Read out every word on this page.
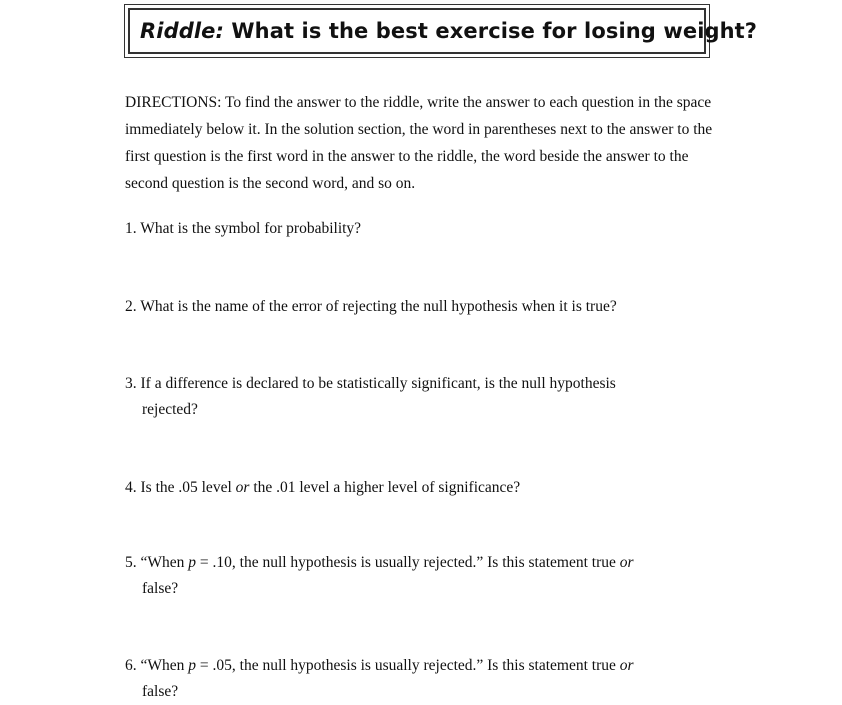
Riddle:
What is the best exercise for losing weight?
DIRECTIONS: To find the answer to the riddle, write the answer to each question in the space immediately below it. In the solution section, the word in parentheses next to the answer to the first question is the first word in the answer to the riddle, the word beside the answer to the second question is the second word, and so on.
1. What is the symbol for probability?
2. What is the name of the error of rejecting the null hypothesis when it is true?
3. If a difference is declared to be statistically significant, is the null hypothesis
rejected?
4. Is the .05 level or the .01 level a higher level of significance?
5. “When p = .10, the null hypothesis is usually rejected.” Is this statement true or
false?
6. “When p = .05, the null hypothesis is usually rejected.” Is this statement true or
false?
